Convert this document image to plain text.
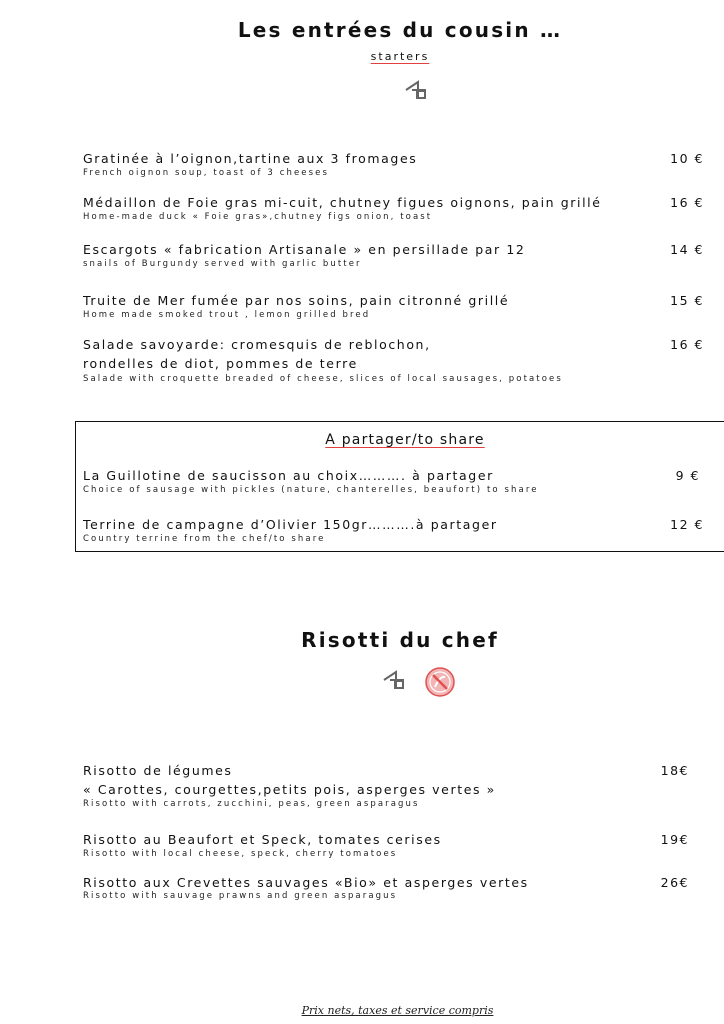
Les entrées du cousin …
starters
Gratinée à l’oignon,tartine aux 3 fromages
French oignon soup, toast of 3 cheeses
10 €
Médaillon de Foie gras mi-cuit, chutney figues oignons, pain grillé
Home-made duck « Foie gras»,chutney figs onion, toast
16 €
Escargots « fabrication Artisanale » en persillade par 12
snails of Burgundy served with garlic butter
14 €
Truite de Mer fumée par nos soins, pain citronné grillé
Home made smoked trout , lemon grilled bred
15 €
Salade savoyarde: cromesquis de reblochon,
rondelles de diot, pommes de terre
Salade with croquette breaded of cheese, slices of local sausages, potatoes
16 €
A partager/to share
La Guillotine de saucisson au choix………. à partager
Choice of sausage with pickles (nature, chanterelles, beaufort) to share
9 €
Terrine de campagne d’Olivier 150gr……….à partager
Country terrine from the chef/to share
12 €
Risotti du chef
Risotto de légumes
« Carottes, courgettes,petits pois, asperges vertes »
Risotto with carrots, zucchini, peas, green asparagus
18€
Risotto au Beaufort et Speck, tomates cerises
Risotto with local cheese, speck, cherry tomatoes
19€
Risotto aux Crevettes sauvages «Bio» et asperges vertes
Risotto with sauvage prawns and green asparagus
26€
Prix nets, taxes et service compris
